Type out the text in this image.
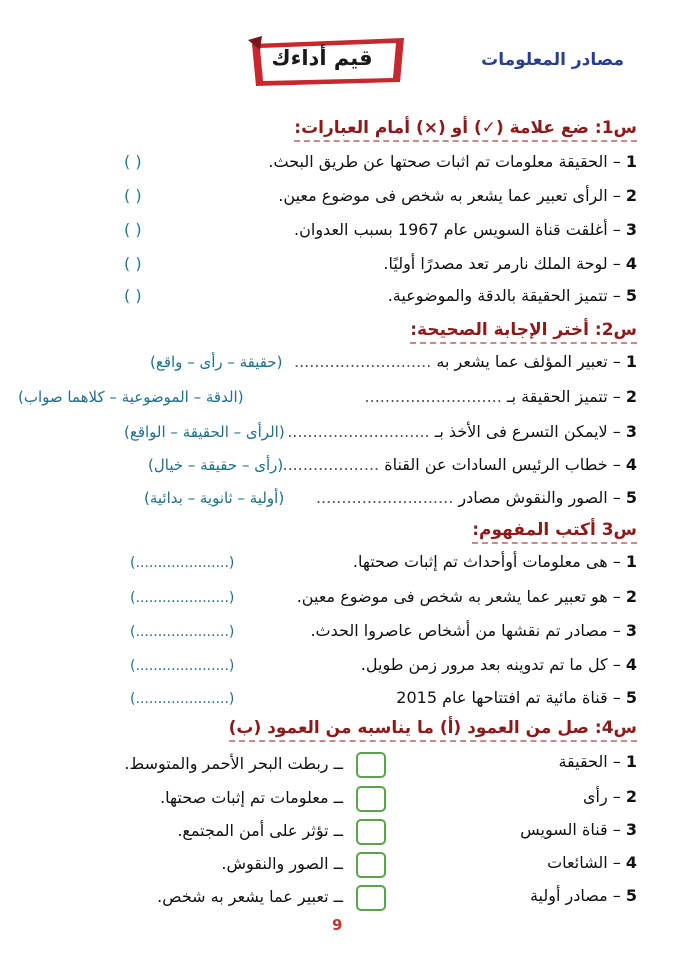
قيم أداءك	مصادر المعلومات
س1: ضع علامة (✓) أو (×) أمام العبارات:
1 – الحقيقة معلومات تم اثبات صحتها عن طريق البحث.
( )
2 – الرأى تعبير عما يشعر به شخص فى موضوع معين.
( )
3 – أغلقت قناة السويس عام 1967 بسبب العدوان.
( )
4 – لوحة الملك نارمر تعد مصدرًا أوليًا.
( )
5 – تتميز الحقيقة بالدقة والموضوعية.
( )
س2: أختر الإجابة الصحيحة:
1 – تعبير المؤلف عما يشعر به ...........................
(حقيقة – رأى – واقع)
2 – تتميز الحقيقة بـ ...........................
(الدقة – الموضوعية – كلاهما صواب)
3 – لايمكن التسرع فى الأخذ بـ ............................
(الرأى – الحقيقة – الواقع)
4 – خطاب الرئيس السادات عن القناة ...................
(رأى – حقيقة – خيال)
5 – الصور والنقوش مصادر ...........................
(أولية – ثانوية – بدائية)
س3 أكتب المفهوم:
1 – هى معلومات أوأحداث تم إثبات صحتها.
(.....................)
2 – هو تعبير عما يشعر به شخص فى موضوع معين.
(.....................)
3 – مصادر تم نقشها من أشخاص عاصروا الحدث.
(.....................)
4 – كل ما تم تدوينه بعد مرور زمن طويل.
(.....................)
5 – قناة مائية تم افتتاحها عام 2015
(.....................)
س4: صل من العمود (أ) ما يناسبه من العمود (ب)
1 – الحقيقة
ــ ربطت البحر الأحمر والمتوسط.
2 – رأى
ــ معلومات تم إثبات صحتها.
3 – قناة السويس
ــ تؤثر على أمن المجتمع.
4 – الشائعات
ــ الصور والنقوش.
5 – مصادر أولية
ــ تعبير عما يشعر به شخص.
9
